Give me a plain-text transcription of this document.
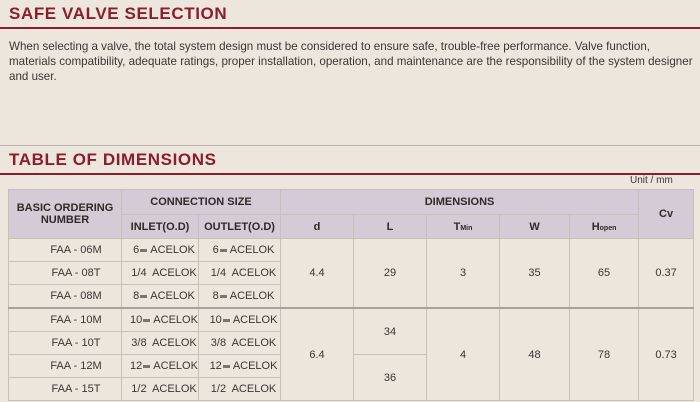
SAFE VALVE SELECTION
When selecting a valve, the total system design must be considered to ensure safe, trouble-free performance. Valve function, materials compatibility, adequate ratings, proper installation, operation, and maintenance are the responsibility of the system designer and user.
TABLE OF DIMENSIONS
Unit / mm
BASIC ORDERING NUMBER	CONNECTION SIZE		DIMENSIONS					Cv
	INLET(O.D)	OUTLET(O.D)	d	L	TMin	W	Hopen	
FAA - 06M	6 ACELOK	6 ACELOK	4.4	29	3	35	65	0.37
FAA - 08T	1/4 ACELOK	1/4 ACELOK						
FAA - 08M	8 ACELOK	8 ACELOK						
FAA - 10M	10 ACELOK	10 ACELOK	6.4	34	4	48	78	0.73
FAA - 10T	3/8 ACELOK	3/8 ACELOK						
FAA - 12M	12 ACELOK	12 ACELOK		36				
FAA - 15T	1/2 ACELOK	1/2 ACELOK						
